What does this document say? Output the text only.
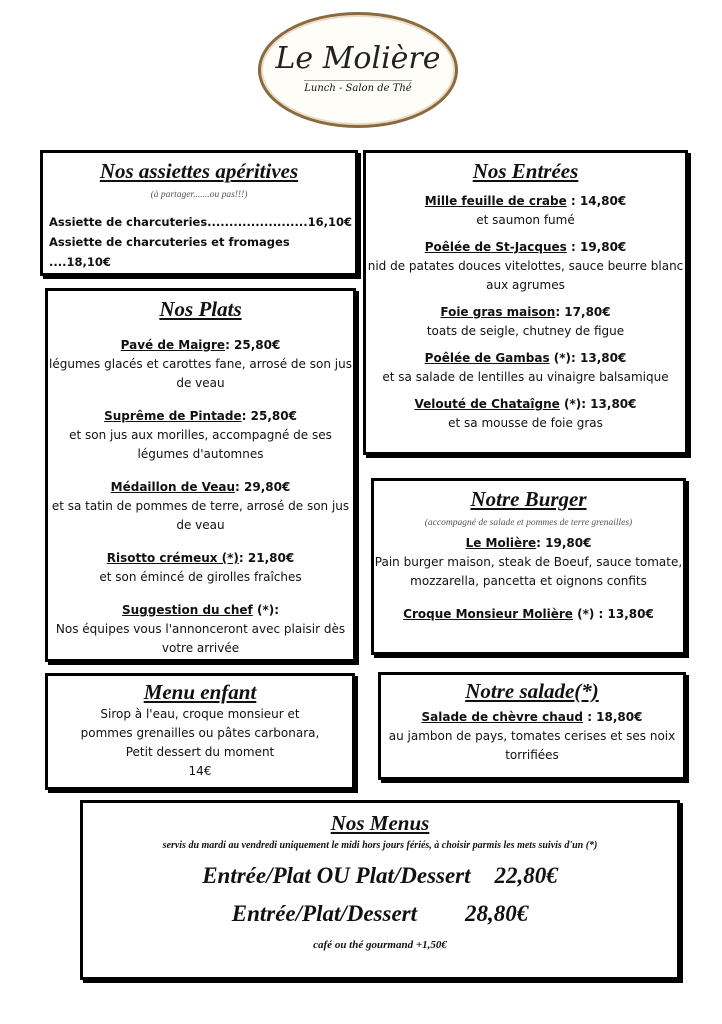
Le Molière
Lunch - Salon de Thé
Nos assiettes apéritives
(à partager.......ou pas!!!)
Assiette de charcuteries.......................16,10€
Assiette de charcuteries et fromages ....18,10€
Nos Plats
Pavé de Maigre: 25,80€
légumes glacés et carottes fane, arrosé de son jus de veau
Suprême de Pintade: 25,80€
et son jus aux morilles, accompagné de ses légumes d'automnes
Médaillon de Veau: 29,80€
et sa tatin de pommes de terre, arrosé de son jus de veau
Risotto crémeux (*): 21,80€
et son émincé de girolles fraîches
Suggestion du chef (*):
Nos équipes vous l'annonceront avec plaisir dès votre arrivée
Nos Entrées
Mille feuille de crabe : 14,80€
et saumon fumé
Poêlée de St-Jacques : 19,80€
nid de patates douces vitelottes, sauce beurre blanc aux agrumes
Foie gras maison: 17,80€
toats de seigle, chutney de figue
Poêlée de Gambas (*): 13,80€
et sa salade de lentilles au vinaigre balsamique
Velouté de Chataîgne (*): 13,80€
et sa mousse de foie gras
Notre Burger
(accompagné de salade et pommes de terre grenailles)
Le Molière: 19,80€
Pain burger maison, steak de Boeuf, sauce tomate, mozzarella, pancetta et oignons confits
Croque Monsieur Molière (*) : 13,80€
Menu enfant
Sirop à l'eau, croque monsieur et pommes grenailles ou pâtes carbonara, Petit dessert du moment
14€
Notre salade(*)
Salade de chèvre chaud : 18,80€
au jambon de pays, tomates cerises et ses noix torrifiées
Nos Menus
servis du mardi au vendredi uniquement le midi hors jours fériés, à choisir parmis les mets suivis d'un (*)
Entrée/Plat OU Plat/Dessert 22,80€
Entrée/Plat/Dessert 28,80€
café ou thé gourmand +1,50€
